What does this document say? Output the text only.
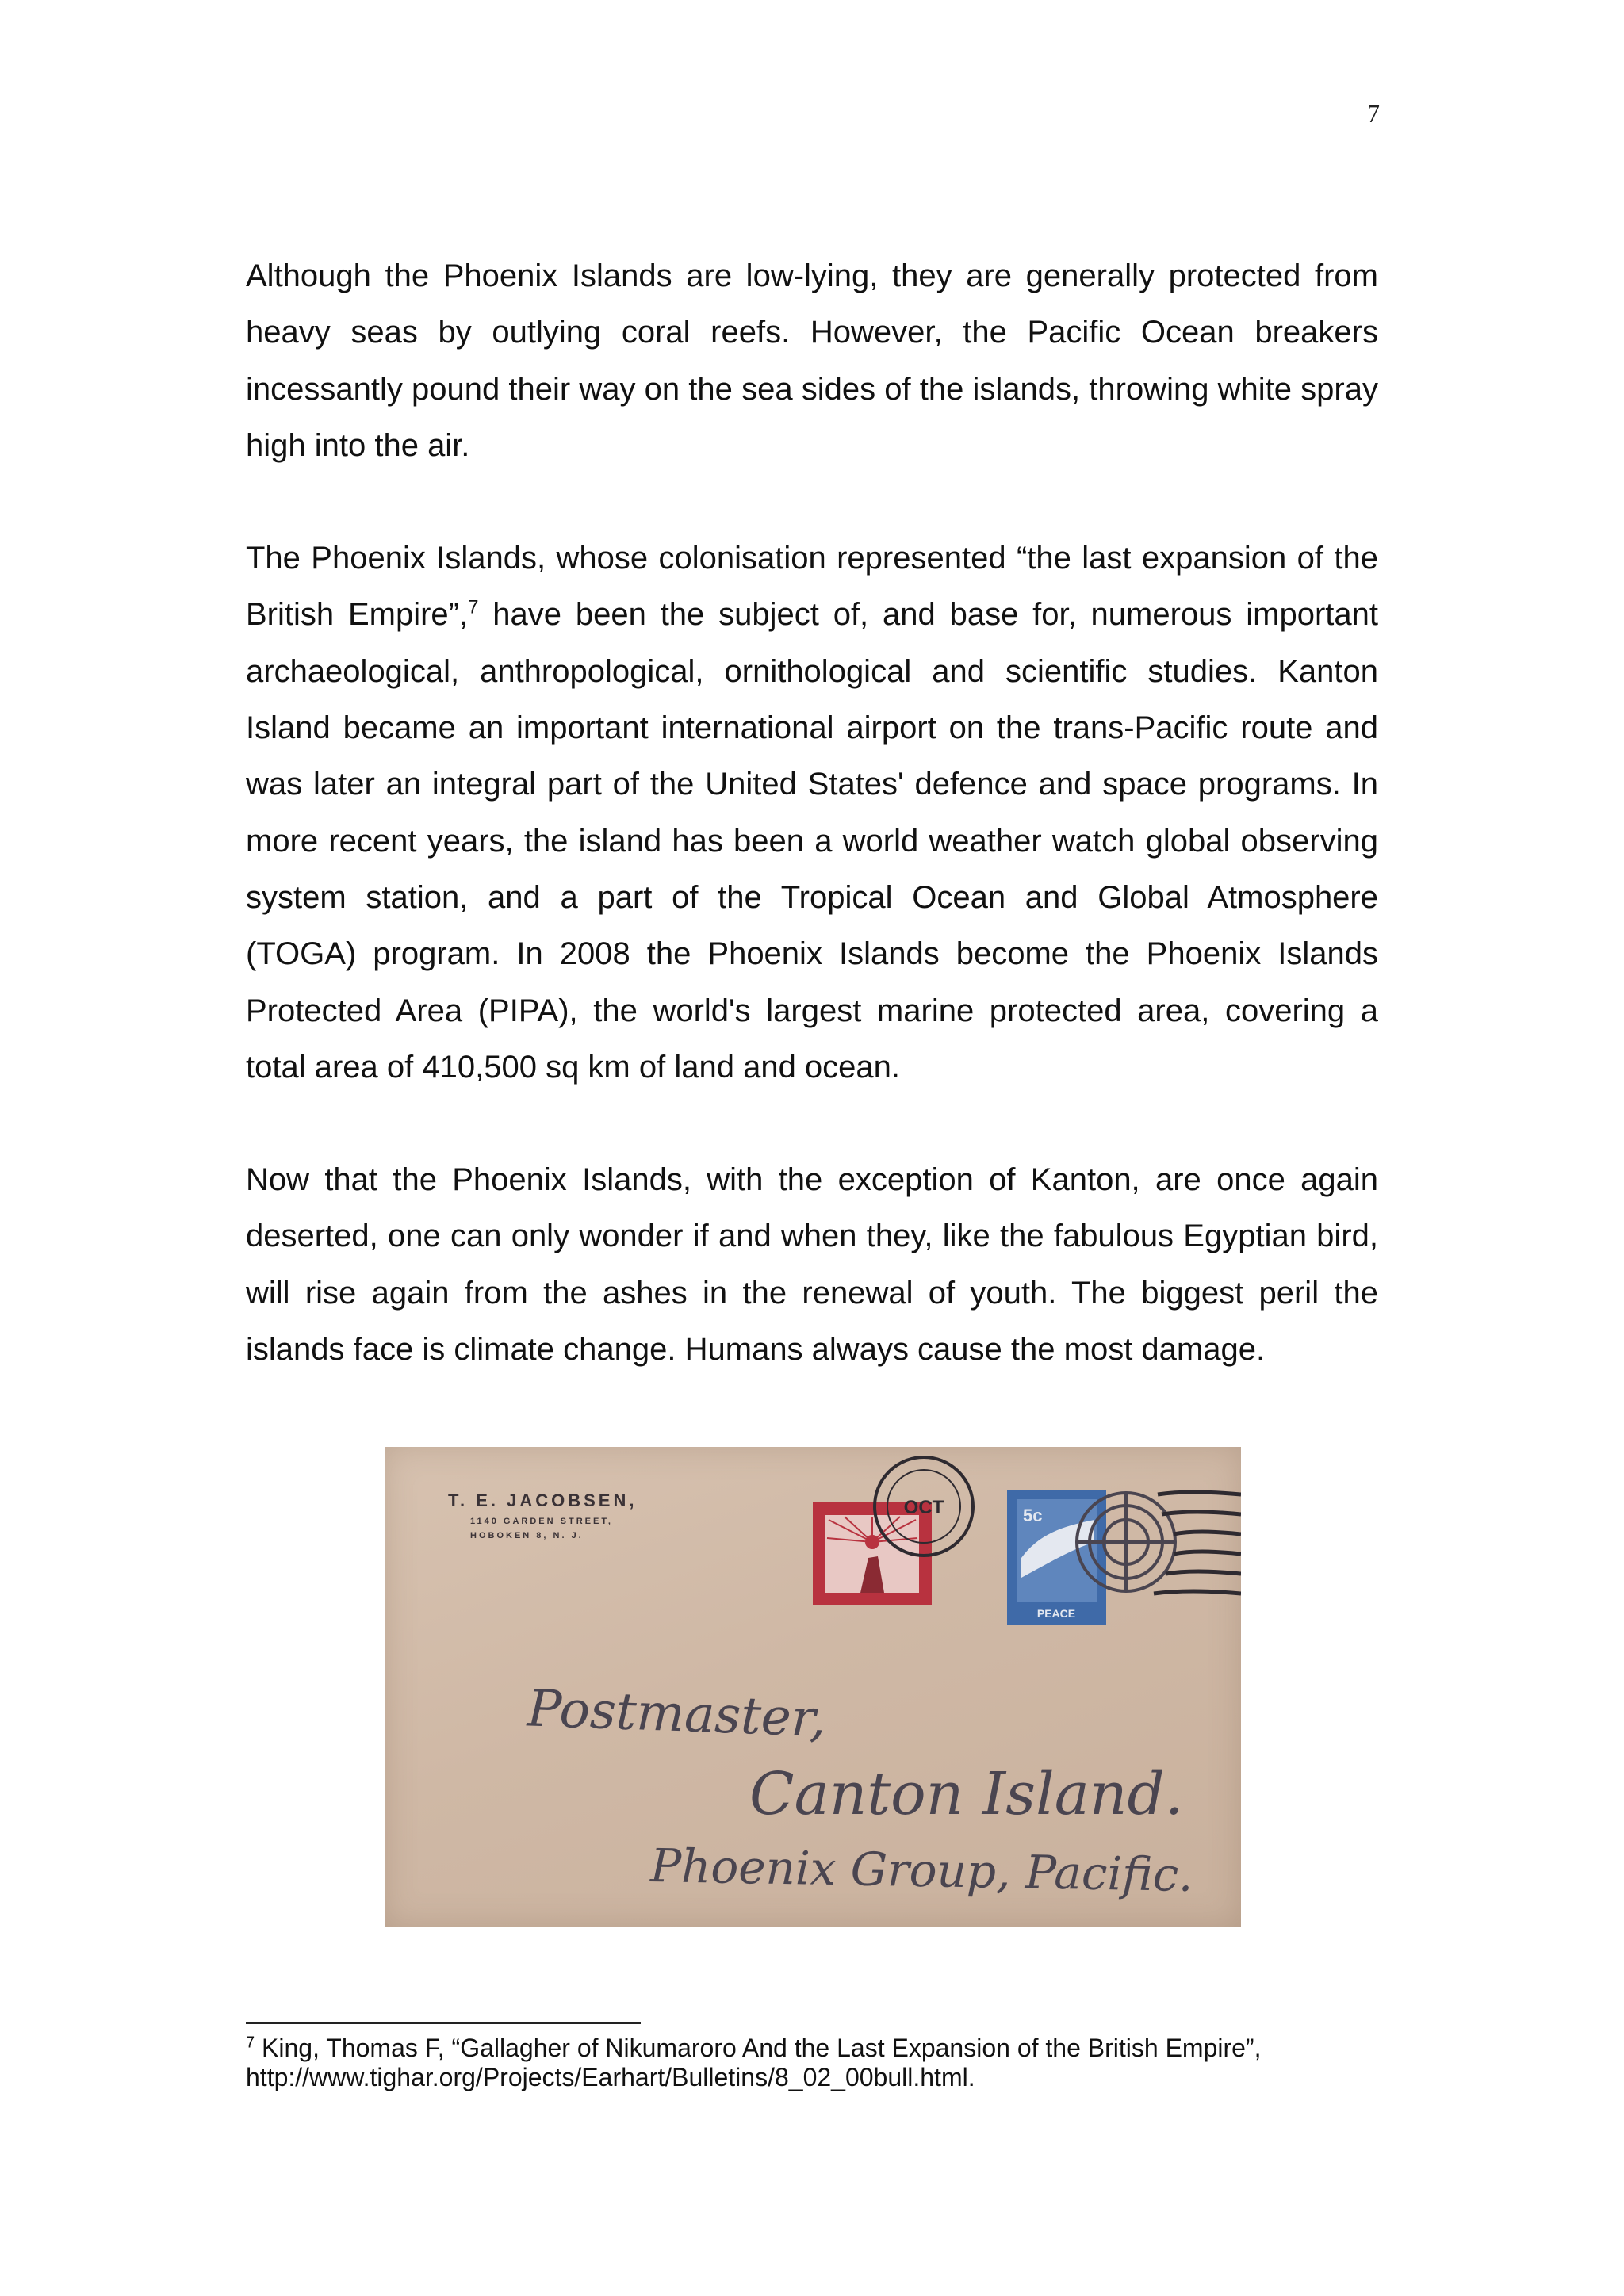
7

Although the Phoenix Islands are low-lying, they are generally protected from heavy seas by outlying coral reefs. However, the Pacific Ocean breakers incessantly pound their way on the sea sides of the islands, throwing white spray high into the air.

The Phoenix Islands, whose colonisation represented “the last expansion of the British Empire”,$^7$ have been the subject of, and base for, numerous important archaeological, anthropological, ornithological and scientific studies. Kanton Island became an important international airport on the trans-Pacific route and was later an integral part of the United States' defence and space programs. In more recent years, the island has been a world weather watch global observing system station, and a part of the Tropical Ocean and Global Atmosphere (TOGA) program. In 2008 the Phoenix Islands become the Phoenix Islands Protected Area (PIPA), the world's largest marine protected area, covering a total area of 410,500 sq km of land and ocean.

Now that the Phoenix Islands, with the exception of Kanton, are once again deserted, one can only wonder if and when they, like the fabulous Egyptian bird, will rise again from the ashes in the renewal of youth. The biggest peril the islands face is climate change. Humans always cause the most damage.

T. E. JACOBSEN,
1140 GARDEN STREET,
HOBOKEN 8, N. J.
OCT	5c
PEACE
Postmaster,
Canton Island.
Phoenix Group, Pacific.
$^7$ King, Thomas F, “Gallagher of Nikumaroro And the Last Expansion of the British Empire”,
http://www.tighar.org/Projects/Earhart/Bulletins/8_02_00bull.html.
